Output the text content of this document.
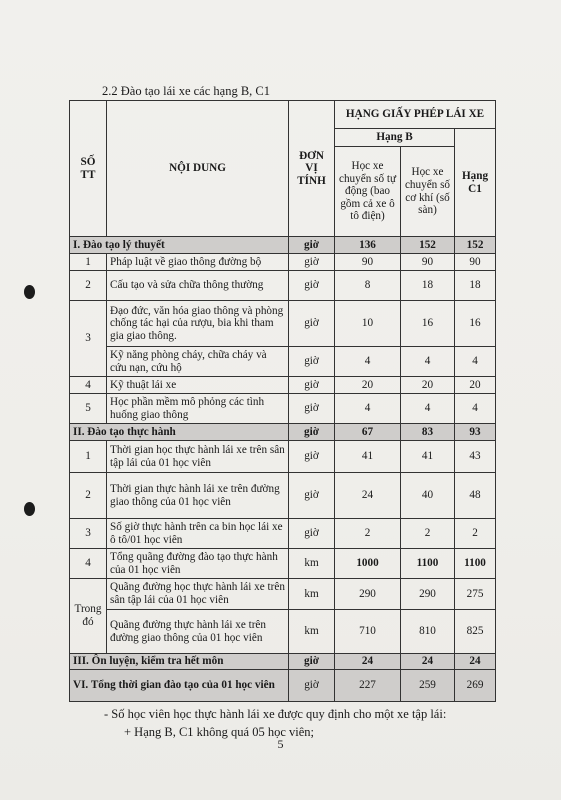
2.2 Đào tạo lái xe các hạng B, C1
SỐ TT	NỘI DUNG	ĐƠN VỊ TÍNH	HẠNG GIẤY PHÉP LÁI XE		
			Hạng B		Hạng C1
			Học xe chuyển số tự động (bao gồm cả xe ô tô điện)	Học xe chuyển số cơ khí (số sàn)	
I. Đào tạo lý thuyết		giờ	136	152	152
1	Pháp luật về giao thông đường bộ	giờ	90	90	90
2	Cấu tạo và sửa chữa thông thường	giờ	8	18	18
3	Đạo đức, văn hóa giao thông và phòng chống tác hại của rượu, bia khi tham gia giao thông.	giờ	10	16	16
	Kỹ năng phòng cháy, chữa cháy và cứu nạn, cứu hộ	giờ	4	4	4
4	Kỹ thuật lái xe	giờ	20	20	20
5	Học phần mềm mô phỏng các tình huống giao thông	giờ	4	4	4
II. Đào tạo thực hành		giờ	67	83	93
1	Thời gian học thực hành lái xe trên sân tập lái của 01 học viên	giờ	41	41	43
2	Thời gian thực hành lái xe trên đường giao thông của 01 học viên	giờ	24	40	48
3	Số giờ thực hành trên ca bin học lái xe ô tô/01 học viên	giờ	2	2	2
4	Tổng quãng đường đào tạo thực hành của 01 học viên	km	1000	1100	1100
Trong đó	Quãng đường học thực hành lái xe trên sân tập lái của 01 học viên	km	290	290	275
	Quãng đường thực hành lái xe trên đường giao thông của 01 học viên	km	710	810	825
III. Ôn luyện, kiểm tra hết môn		giờ	24	24	24
VI. Tổng thời gian đào tạo của 01 học viên		giờ	227	259	269
- Số học viên học thực hành lái xe được quy định cho một xe tập lái:
+ Hạng B, C1 không quá 05 học viên;
5
